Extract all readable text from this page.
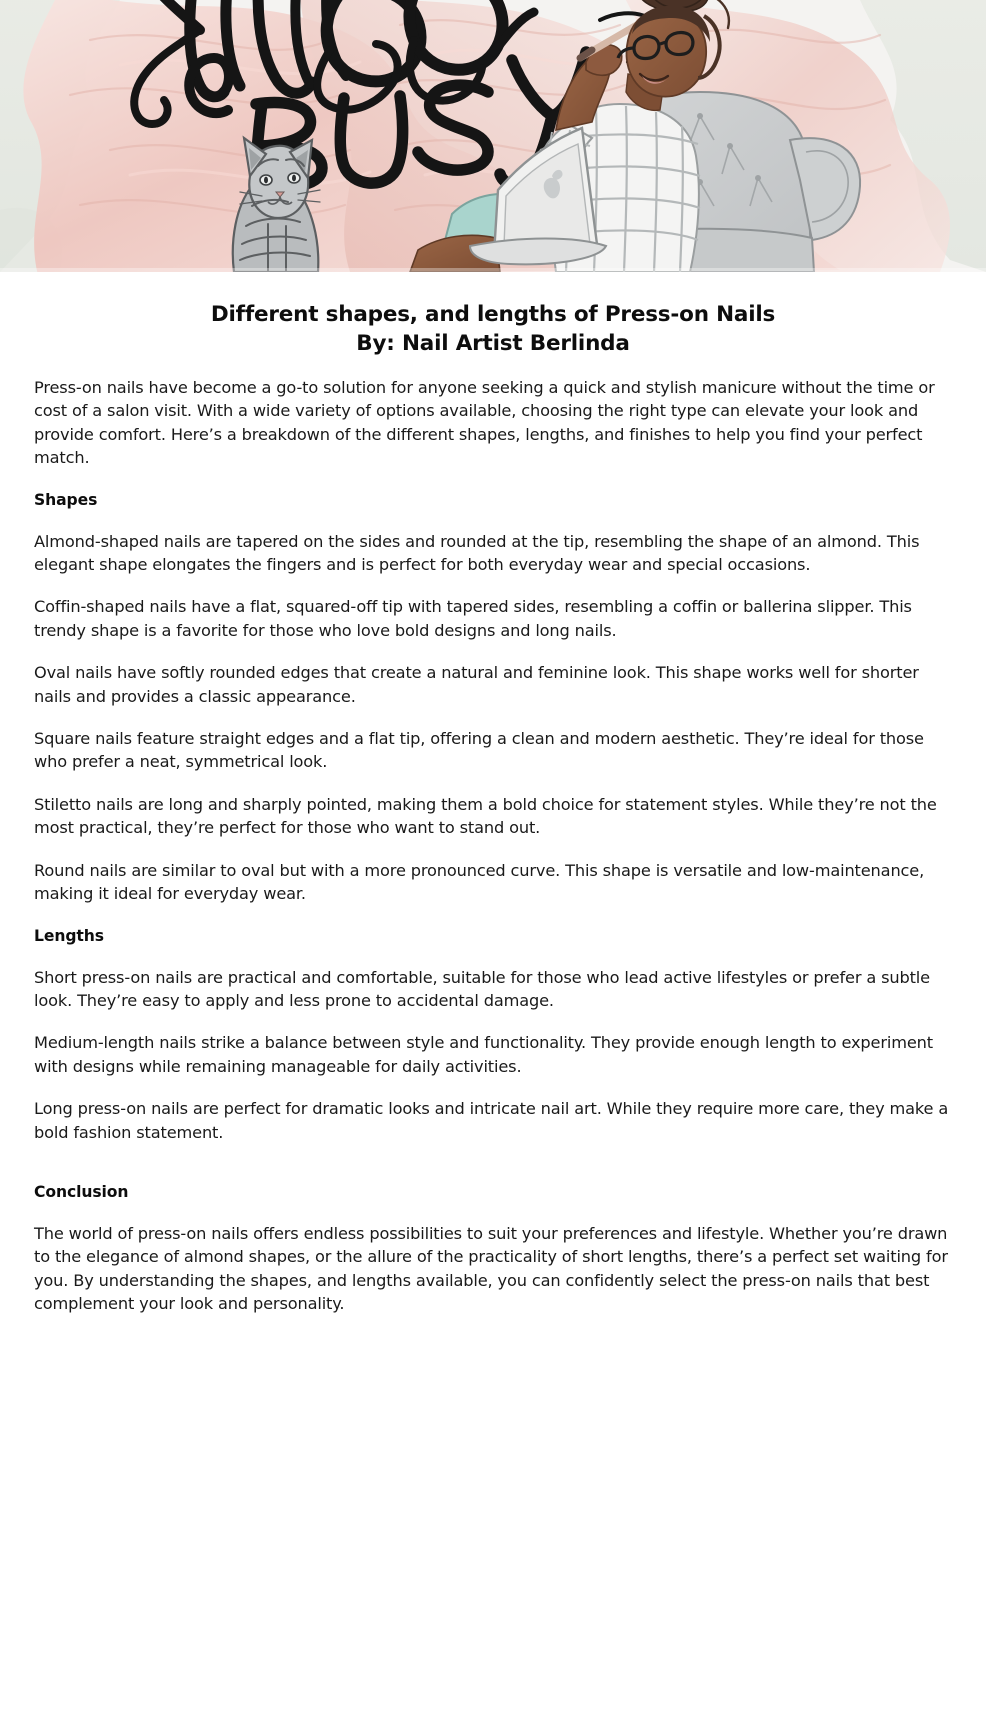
Different shapes, and lengths of Press-on Nails
By: Nail Artist Berlinda

Press-on nails have become a go-to solution for anyone seeking a quick and stylish manicure without the time or cost of a salon visit. With a wide variety of options available, choosing the right type can elevate your look and provide comfort. Here’s a breakdown of the different shapes, lengths, and finishes to help you find your perfect match.

Shapes

Almond-shaped nails are tapered on the sides and rounded at the tip, resembling the shape of an almond. This elegant shape elongates the fingers and is perfect for both everyday wear and special occasions.

Coffin-shaped nails have a flat, squared-off tip with tapered sides, resembling a coffin or ballerina slipper. This trendy shape is a favorite for those who love bold designs and long nails.

Oval nails have softly rounded edges that create a natural and feminine look. This shape works well for shorter nails and provides a classic appearance.

Square nails feature straight edges and a flat tip, offering a clean and modern aesthetic. They’re ideal for those who prefer a neat, symmetrical look.

Stiletto nails are long and sharply pointed, making them a bold choice for statement styles. While they’re not the most practical, they’re perfect for those who want to stand out.

Round nails are similar to oval but with a more pronounced curve. This shape is versatile and low-maintenance, making it ideal for everyday wear.

Lengths

Short press-on nails are practical and comfortable, suitable for those who lead active lifestyles or prefer a subtle look. They’re easy to apply and less prone to accidental damage.

Medium-length nails strike a balance between style and functionality. They provide enough length to experiment with designs while remaining manageable for daily activities.

Long press-on nails are perfect for dramatic looks and intricate nail art. While they require more care, they make a bold fashion statement.

Conclusion

The world of press-on nails offers endless possibilities to suit your preferences and lifestyle. Whether you’re drawn to the elegance of almond shapes, or the allure of the practicality of short lengths, there’s a perfect set waiting for you. By understanding the shapes, and lengths available, you can confidently select the press-on nails that best complement your look and personality.
